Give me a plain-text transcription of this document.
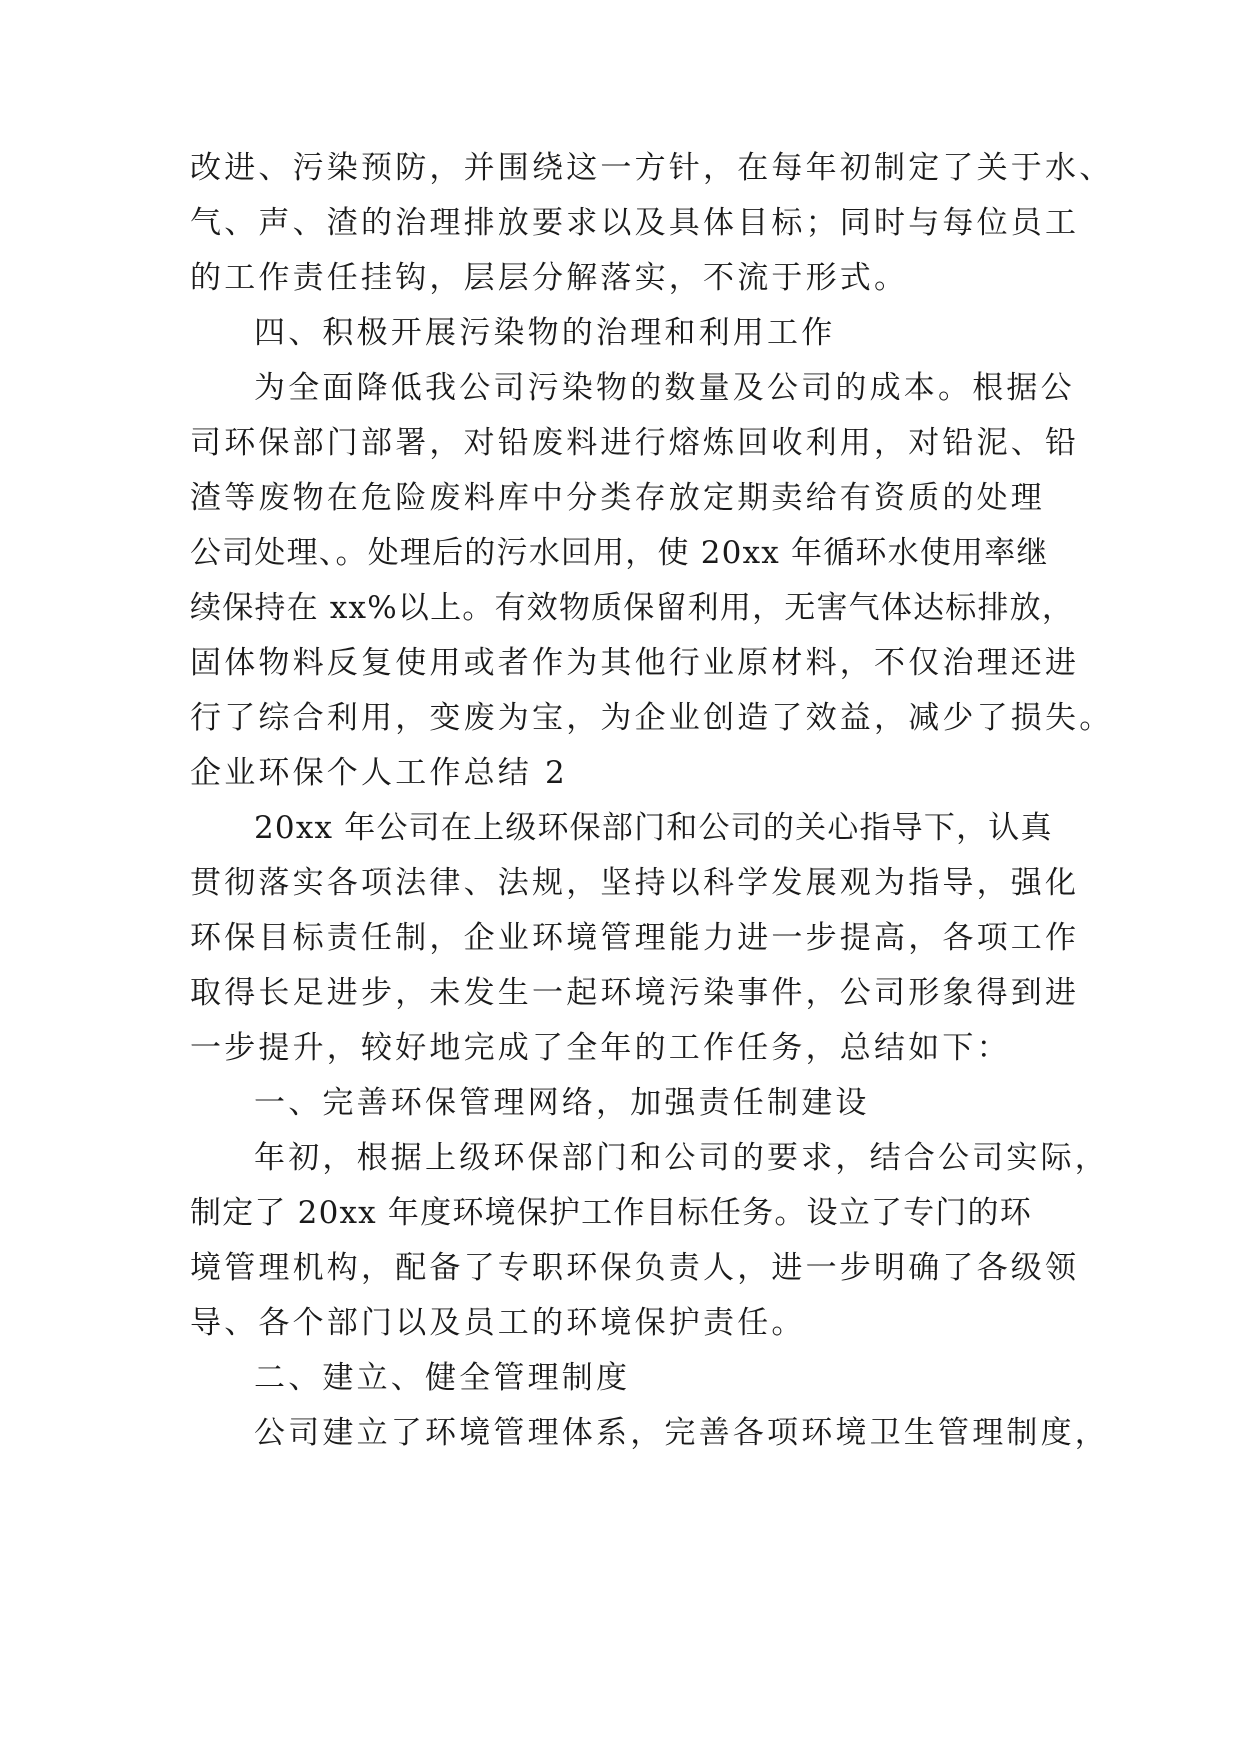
改进、污染预防，并围绕这一方针，在每年初制定了关于水、
气、声、渣的治理排放要求以及具体目标；同时与每位员工
的工作责任挂钩，层层分解落实，不流于形式。
四、积极开展污染物的治理和利用工作
为全面降低我公司污染物的数量及公司的成本。根据公
司环保部门部署，对铅废料进行熔炼回收利用，对铅泥、铅
渣等废物在危险废料库中分类存放定期卖给有资质的处理
公司处理、。处理后的污水回用，使 20xx 年循环水使用率继
续保持在 xx%以上。有效物质保留利用，无害气体达标排放，
固体物料反复使用或者作为其他行业原材料，不仅治理还进
行了综合利用，变废为宝，为企业创造了效益，减少了损失。
企业环保个人工作总结 2
20xx 年公司在上级环保部门和公司的关心指导下，认真
贯彻落实各项法律、法规，坚持以科学发展观为指导，强化
环保目标责任制，企业环境管理能力进一步提高，各项工作
取得长足进步，未发生一起环境污染事件，公司形象得到进
一步提升，较好地完成了全年的工作任务，总结如下：
一、完善环保管理网络，加强责任制建设
年初，根据上级环保部门和公司的要求，结合公司实际，
制定了 20xx 年度环境保护工作目标任务。设立了专门的环
境管理机构，配备了专职环保负责人，进一步明确了各级领
导、各个部门以及员工的环境保护责任。
二、建立、健全管理制度
公司建立了环境管理体系，完善各项环境卫生管理制度，
